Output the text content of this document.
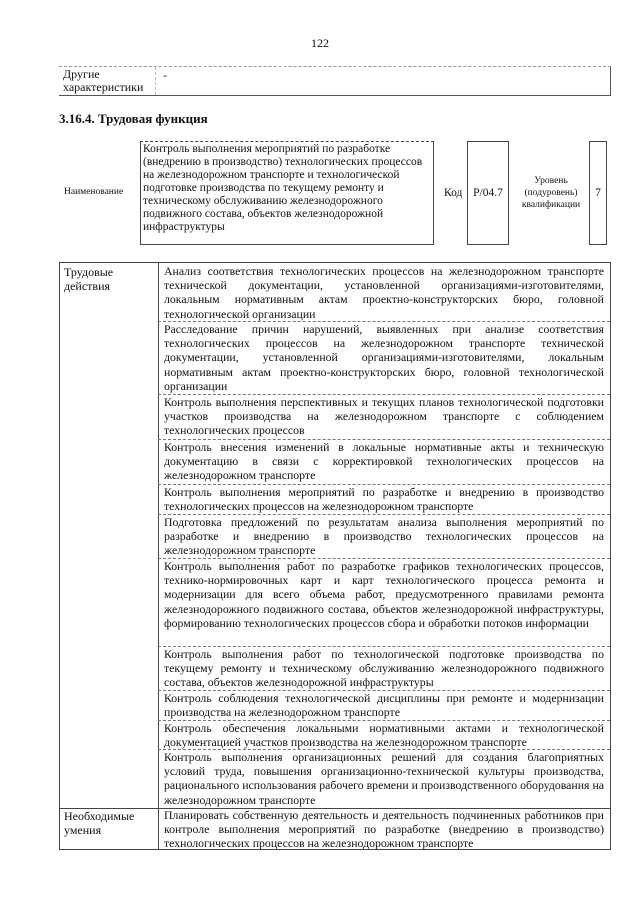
122
Другие характеристики
-
3.16.4. Трудовая функция
Наименование
Контроль выполнения мероприятий по разработке (внедрению в производство) технологических процессов на железнодорожном транспорте и технологической подготовке производства по текущему ремонту и техническому обслуживанию железнодорожного подвижного состава, объектов железнодорожной инфраструктуры
Код P/04.7
Уровень (подуровень) квалификации
7
Трудовые действия
Анализ соответствия технологических процессов на железнодорожном транспорте технической документации, установленной организациями-изготовителями, локальным нормативным актам проектно-конструкторских бюро, головной технологической организации
Расследование причин нарушений, выявленных при анализе соответствия технологических процессов на железнодорожном транспорте технической документации, установленной организациями-изготовителями, локальным нормативным актам проектно-конструкторских бюро, головной технологической организации
Контроль выполнения перспективных и текущих планов технологической подготовки участков производства на железнодорожном транспорте с соблюдением технологических процессов
Контроль внесения изменений в локальные нормативные акты и техническую документацию в связи с корректировкой технологических процессов на железнодорожном транспорте
Контроль выполнения мероприятий по разработке и внедрению в производство технологических процессов на железнодорожном транспорте
Подготовка предложений по результатам анализа выполнения мероприятий по разработке и внедрению в производство технологических процессов на железнодорожном транспорте
Контроль выполнения работ по разработке графиков технологических процессов, технико-нормировочных карт и карт технологического процесса ремонта и модернизации для всего объема работ, предусмотренного правилами ремонта железнодорожного подвижного состава, объектов железнодорожной инфраструктуры, формированию технологических процессов сбора и обработки потоков информации
Контроль выполнения работ по технологической подготовке производства по текущему ремонту и техническому обслуживанию железнодорожного подвижного состава, объектов железнодорожной инфраструктуры
Контроль соблюдения технологической дисциплины при ремонте и модернизации производства на железнодорожном транспорте
Контроль обеспечения локальными нормативными актами и технологической документацией участков производства на железнодорожном транспорте
Контроль выполнения организационных решений для создания благоприятных условий труда, повышения организационно-технической культуры производства, рационального использования рабочего времени и производственного оборудования на железнодорожном транспорте
Необходимые умения
Планировать собственную деятельность и деятельность подчиненных работников при контроле выполнения мероприятий по разработке (внедрению в производство) технологических процессов на железнодорожном транспорте
